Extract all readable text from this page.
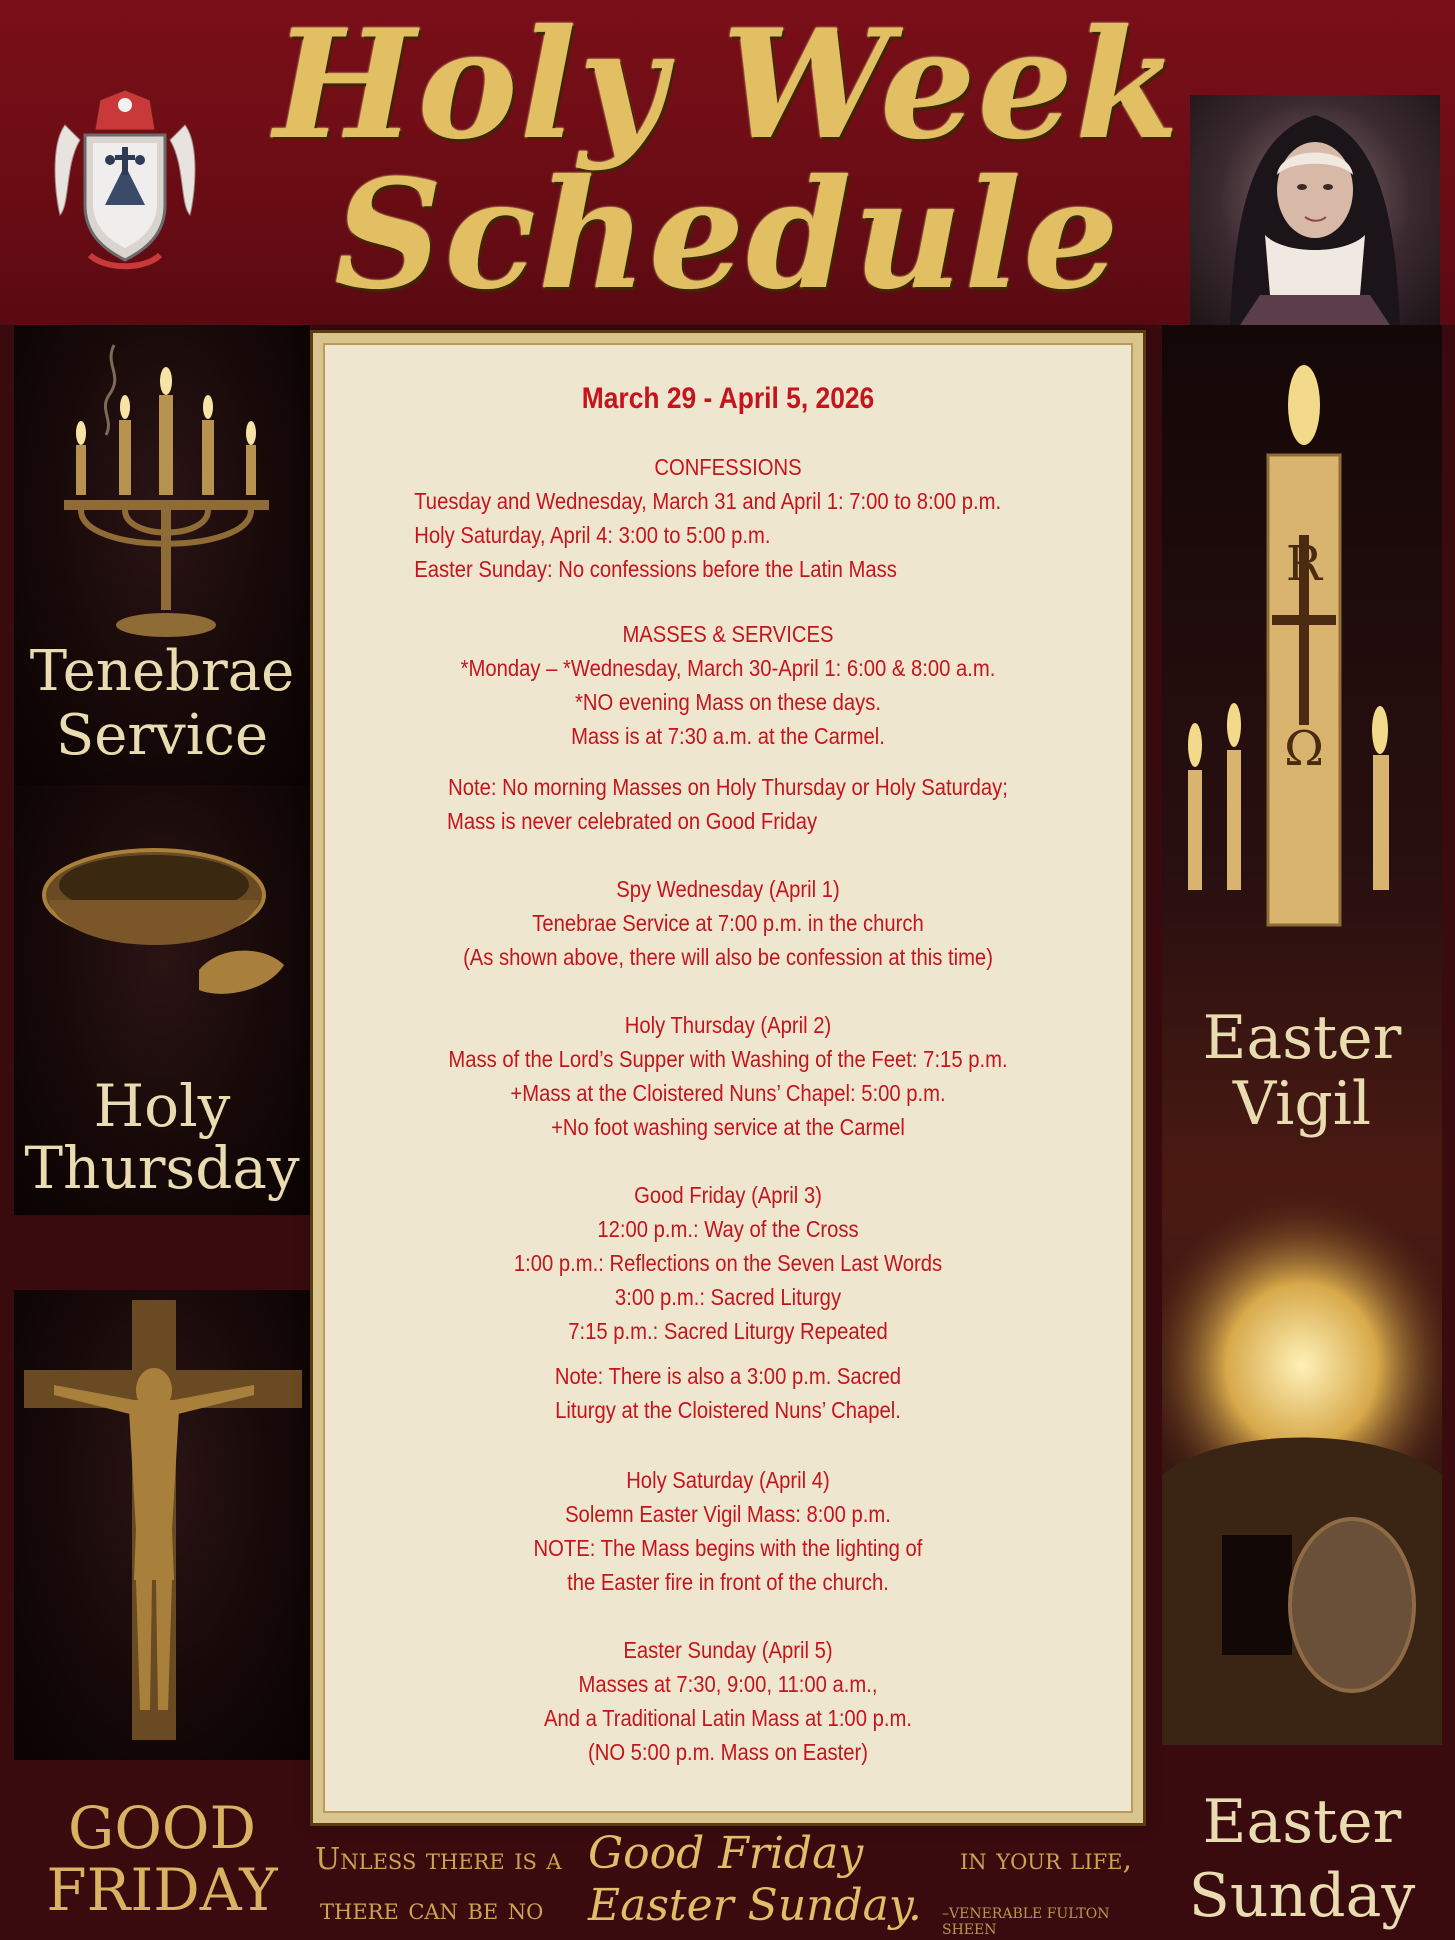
Holy Week
Schedule
Tenebrae
Service
Holy
Thursday
GOOD
FRIDAY
R
Ω
Easter
Vigil
Easter
Sunday
March 29 - April 5, 2026
CONFESSIONS
Tuesday and Wednesday, March 31 and April 1: 7:00 to 8:00 p.m.
Holy Saturday, April 4: 3:00 to 5:00 p.m.
Easter Sunday: No confessions before the Latin Mass
MASSES & SERVICES
*Monday – *Wednesday, March 30-April 1: 6:00 & 8:00 a.m.
*NO evening Mass on these days.
Mass is at 7:30 a.m. at the Carmel.
Note: No morning Masses on Holy Thursday or Holy Saturday;
Mass is never celebrated on Good Friday
Spy Wednesday (April 1)
Tenebrae Service at 7:00 p.m. in the church
(As shown above, there will also be confession at this time)
Holy Thursday (April 2)
Mass of the Lord’s Supper with Washing of the Feet: 7:15 p.m.
+Mass at the Cloistered Nuns’ Chapel: 5:00 p.m.
+No foot washing service at the Carmel
Good Friday (April 3)
12:00 p.m.: Way of the Cross
1:00 p.m.: Reflections on the Seven Last Words
3:00 p.m.: Sacred Liturgy
7:15 p.m.: Sacred Liturgy Repeated
Note: There is also a 3:00 p.m. Sacred
Liturgy at the Cloistered Nuns’ Chapel.
Holy Saturday (April 4)
Solemn Easter Vigil Mass: 8:00 p.m.
NOTE: The Mass begins with the lighting of
the Easter fire in front of the church.
Easter Sunday (April 5)
Masses at 7:30, 9:00, 11:00 a.m.,
And a Traditional Latin Mass at 1:00 p.m.
(NO 5:00 p.m. Mass on Easter)
Unless there is a Good Friday	in your life,
there can be no Easter Sunday. –VENERABLE FULTON SHEEN
